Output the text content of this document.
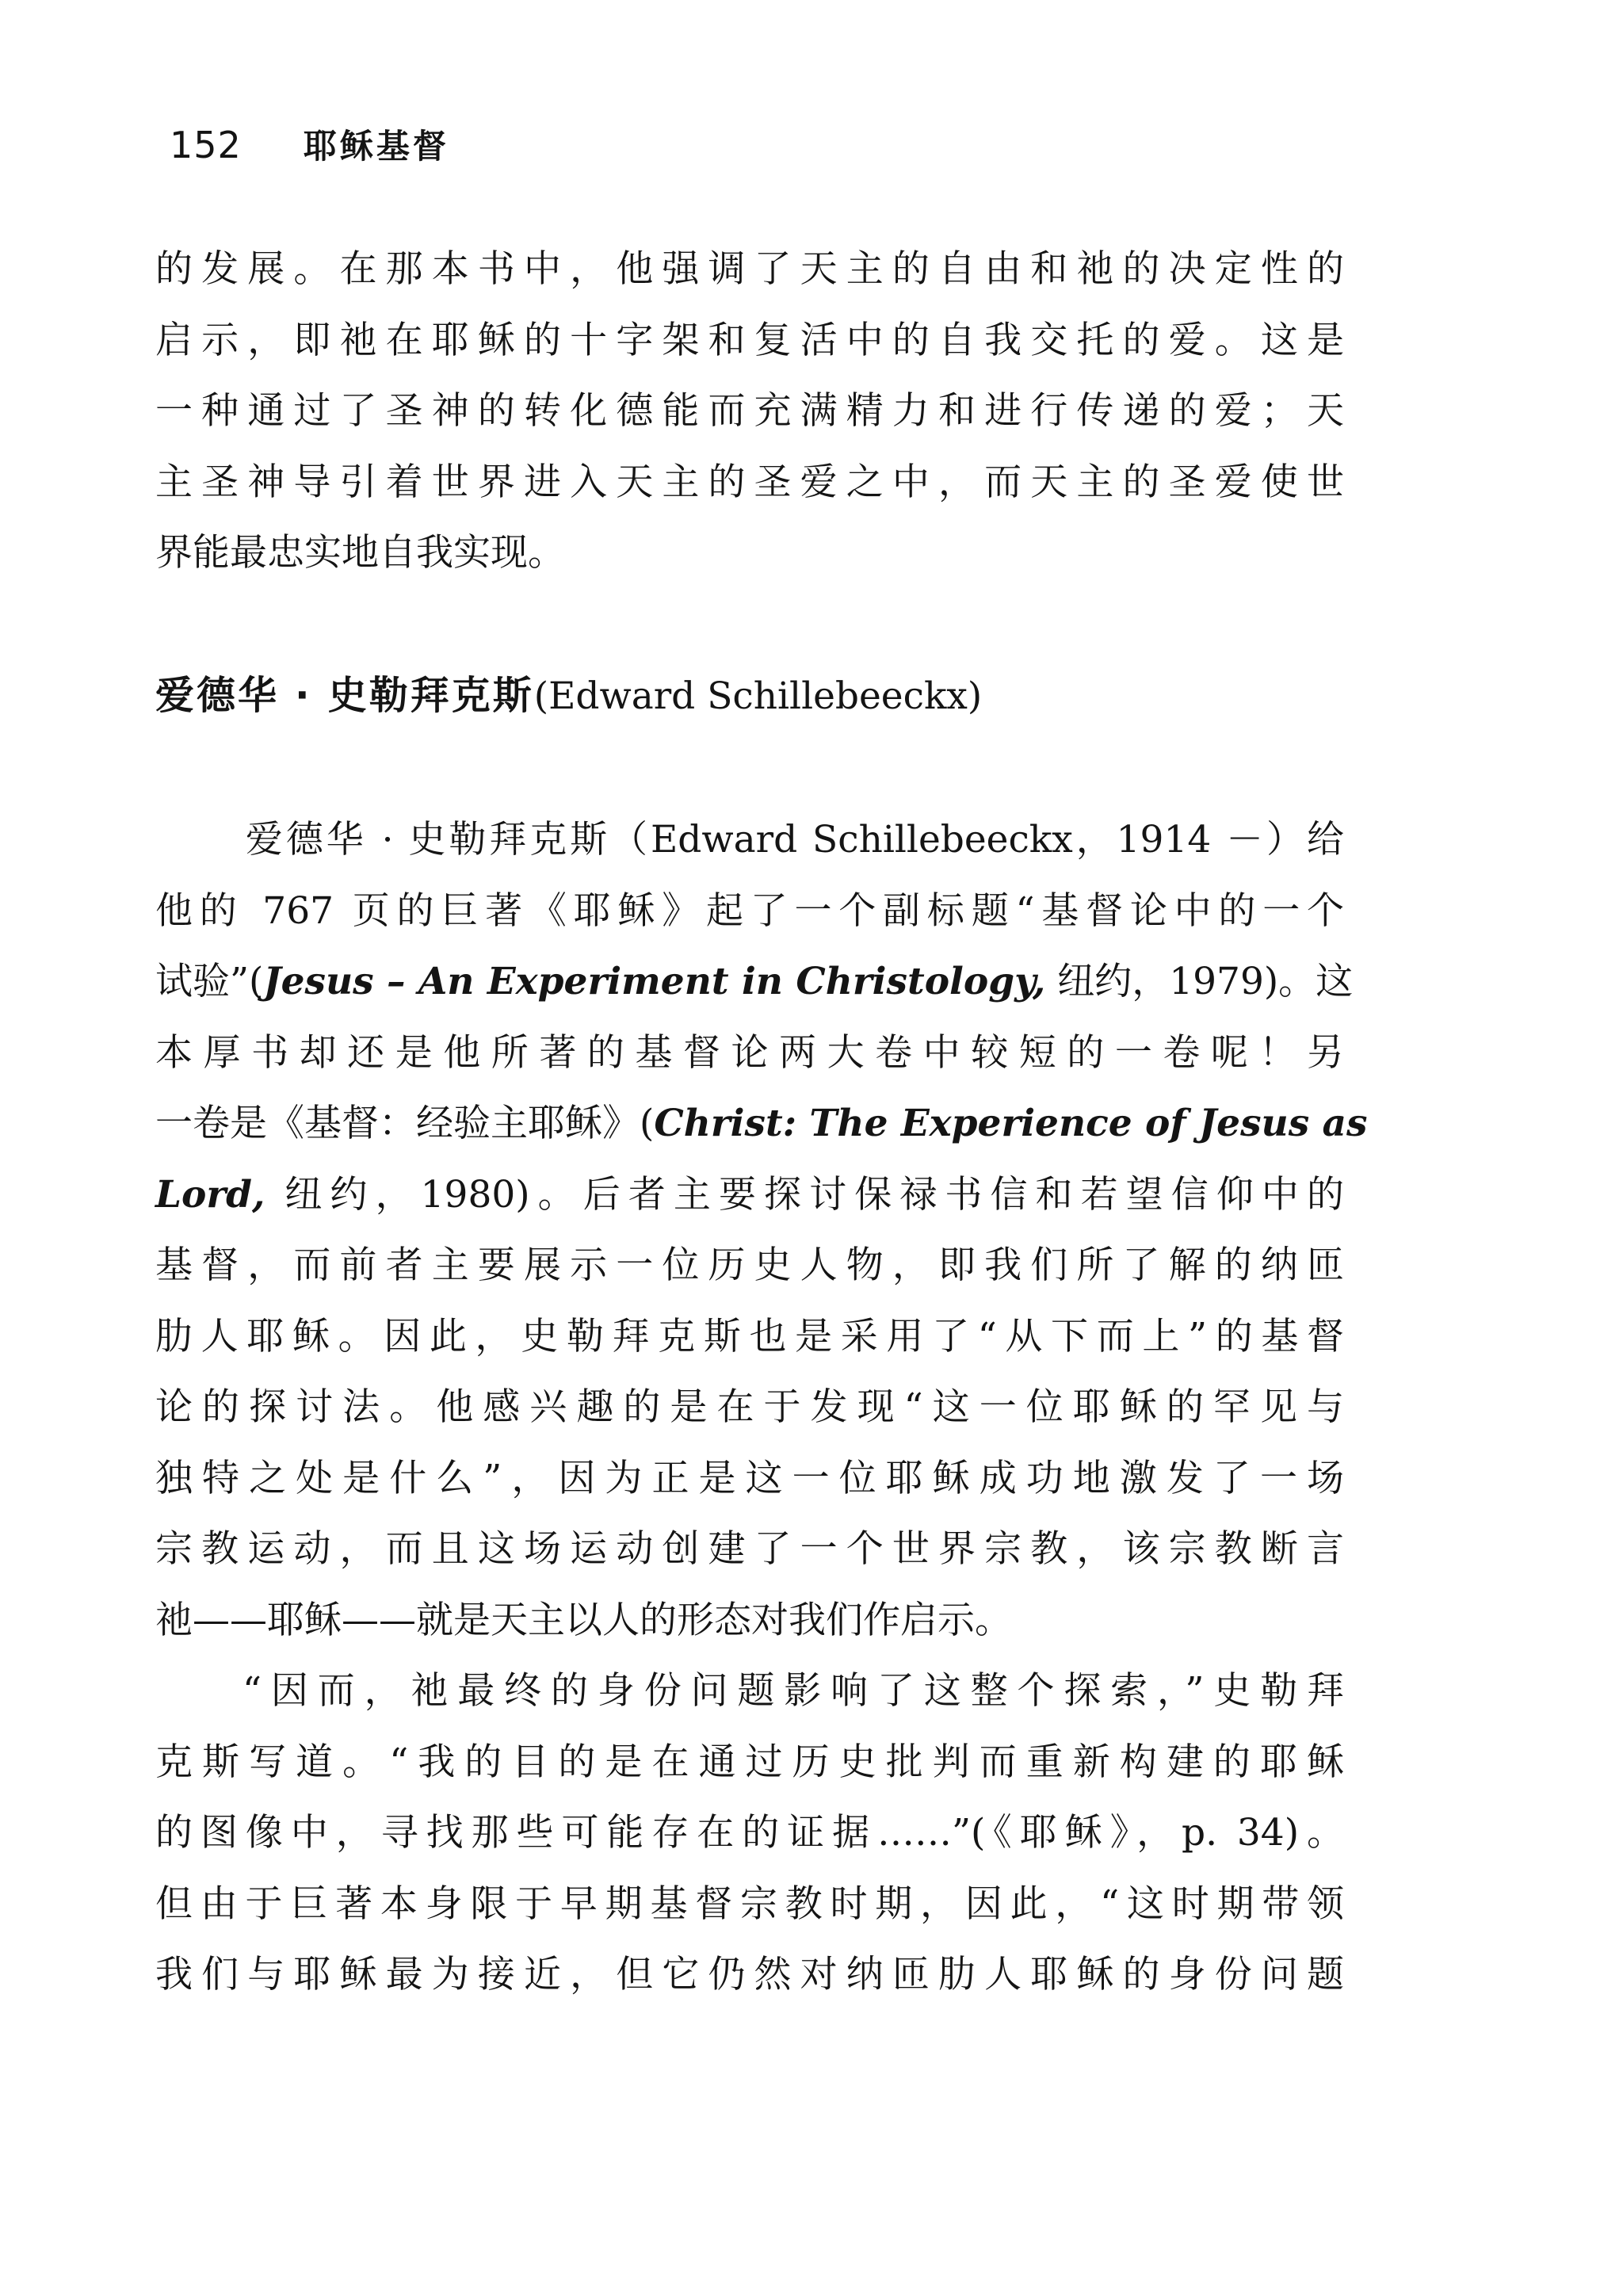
152 耶稣基督
的发展。在那本书中，他强调了天主的自由和祂的决定性的
启示，即祂在耶稣的十字架和复活中的自我交托的爱。这是
一种通过了圣神的转化德能而充满精力和进行传递的爱；天
主圣神导引着世界进入天主的圣爱之中，而天主的圣爱使世
界能最忠实地自我实现。
爱德华 · 史勒拜克斯(Edward Schillebeeckx)
爱德华 · 史勒拜克斯（Edward Schillebeeckx，1914 －）给
他的 767 页的巨著《耶稣》起了一个副标题“基督论中的一个
试验”(Jesus – An Experiment in Christology, 纽约，1979)。这
本厚书却还是他所著的基督论两大卷中较短的一卷呢！另
一卷是《基督：经验主耶稣》(Christ: The Experience of Jesus as
Lord, 纽约，1980)。后者主要探讨保禄书信和若望信仰中的
基督，而前者主要展示一位历史人物，即我们所了解的纳匝
肋人耶稣。因此，史勒拜克斯也是采用了“从下而上”的基督
论的探讨法。他感兴趣的是在于发现“这一位耶稣的罕见与
独特之处是什么”，因为正是这一位耶稣成功地激发了一场
宗教运动，而且这场运动创建了一个世界宗教，该宗教断言
祂——耶稣——就是天主以人的形态对我们作启示。
“因而，祂最终的身份问题影响了这整个探索，”史勒拜
克斯写道。“我的目的是在通过历史批判而重新构建的耶稣
的图像中，寻找那些可能存在的证据……”(《耶稣》，p. 34)。
但由于巨著本身限于早期基督宗教时期，因此，“这时期带领
我们与耶稣最为接近，但它仍然对纳匝肋人耶稣的身份问题
